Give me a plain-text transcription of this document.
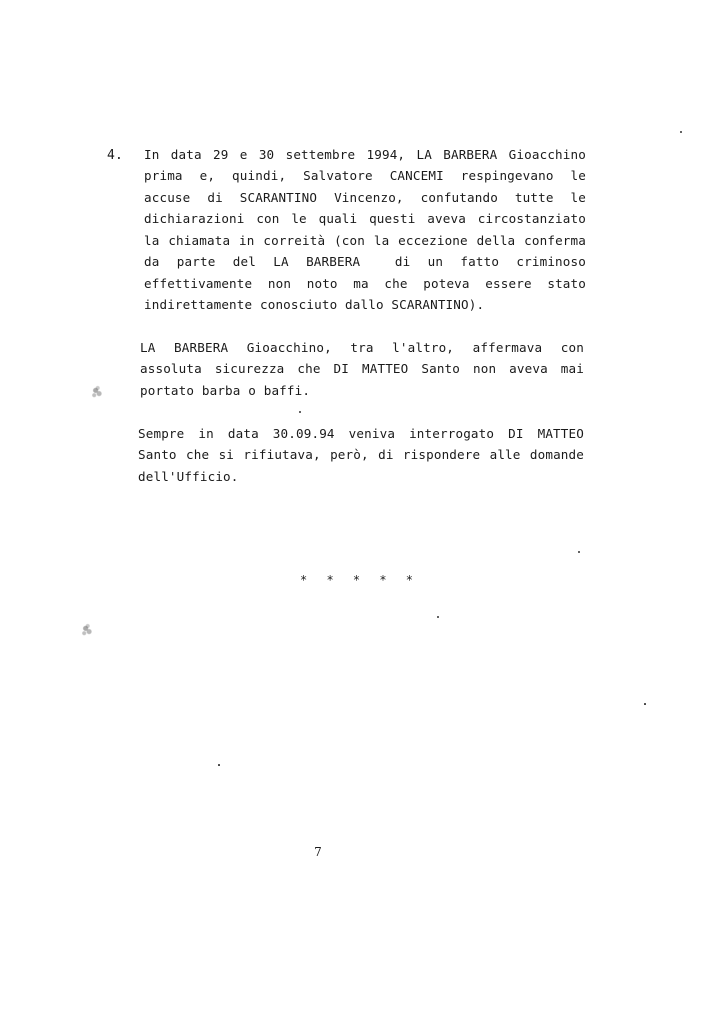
4. In data 29 e 30 settembre 1994, LA BARBERA Gioacchino
prima e, quindi, Salvatore CANCEMI respingevano le
accuse di SCARANTINO Vincenzo, confutando tutte le
dichiarazioni con le quali questi aveva circostanziato
la chiamata in correità (con la eccezione della conferma
da parte del LA BARBERA  di un fatto criminoso
effettivamente non noto ma che poteva essere stato
indirettamente conosciuto dallo SCARANTINO).
LA BARBERA Gioacchino, tra l'altro, affermava con
assoluta sicurezza che DI MATTEO Santo non aveva mai
portato barba o baffi.
Sempre in data 30.09.94 veniva interrogato DI MATTEO
Santo che si rifiutava, però, di rispondere alle domande
dell'Ufficio.
* * * * *
7
